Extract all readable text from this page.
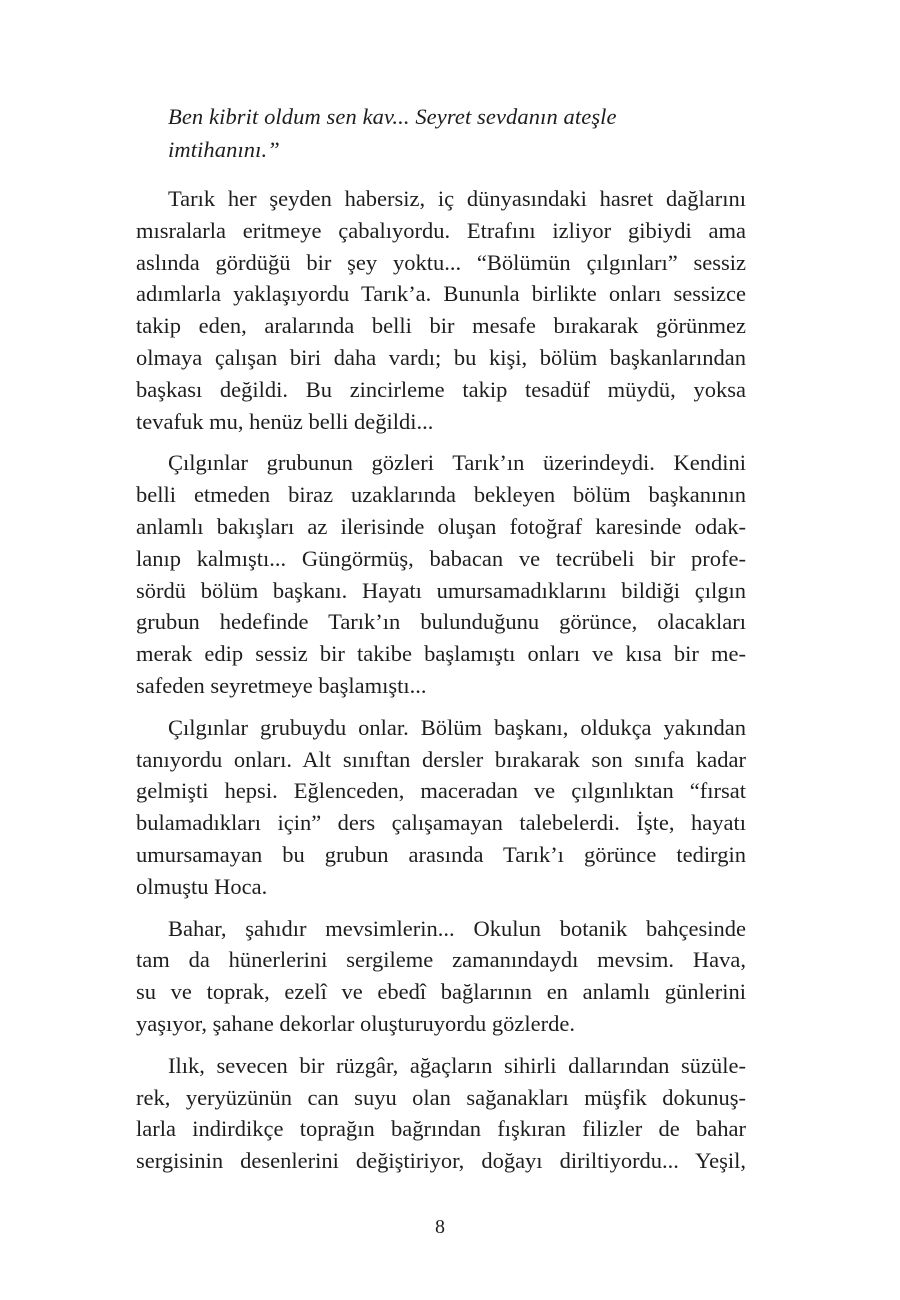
Ben kibrit oldum sen kav... Seyret sevdanın ateşle
imtihanını.”

Tarık her şeyden habersiz, iç dünyasındaki hasret dağlarını
mısralarla eritmeye çabalıyordu. Etrafını izliyor gibiydi ama
aslında gördüğü bir şey yoktu... “Bölümün çılgınları” sessiz
adımlarla yaklaşıyordu Tarık’a. Bununla birlikte onları sessizce
takip eden, aralarında belli bir mesafe bırakarak görünmez
olmaya çalışan biri daha vardı; bu kişi, bölüm başkanlarından
başkası değildi. Bu zincirleme takip tesadüf müydü, yoksa
tevafuk mu, henüz belli değildi...

Çılgınlar grubunun gözleri Tarık’ın üzerindeydi. Kendini
belli etmeden biraz uzaklarında bekleyen bölüm başkanının
anlamlı bakışları az ilerisinde oluşan fotoğraf karesinde odak-
lanıp kalmıştı... Güngörmüş, babacan ve tecrübeli bir profe-
sördü bölüm başkanı. Hayatı umursamadıklarını bildiği çılgın
grubun hedefinde Tarık’ın bulunduğunu görünce, olacakları
merak edip sessiz bir takibe başlamıştı onları ve kısa bir me-
safeden seyretmeye başlamıştı...

Çılgınlar grubuydu onlar. Bölüm başkanı, oldukça yakından
tanıyordu onları. Alt sınıftan dersler bırakarak son sınıfa kadar
gelmişti hepsi. Eğlenceden, maceradan ve çılgınlıktan “fırsat
bulamadıkları için” ders çalışamayan talebelerdi. İşte, hayatı
umursamayan bu grubun arasında Tarık’ı görünce tedirgin
olmuştu Hoca.

Bahar, şahıdır mevsimlerin... Okulun botanik bahçesinde
tam da hünerlerini sergileme zamanındaydı mevsim. Hava,
su ve toprak, ezelî ve ebedî bağlarının en anlamlı günlerini
yaşıyor, şahane dekorlar oluşturuyordu gözlerde.

Ilık, sevecen bir rüzgâr, ağaçların sihirli dallarından süzüle-
rek, yeryüzünün can suyu olan sağanakları müşfik dokunuş-
larla indirdikçe toprağın bağrından fışkıran filizler de bahar
sergisinin desenlerini değiştiriyor, doğayı diriltiyordu... Yeşil,

8
